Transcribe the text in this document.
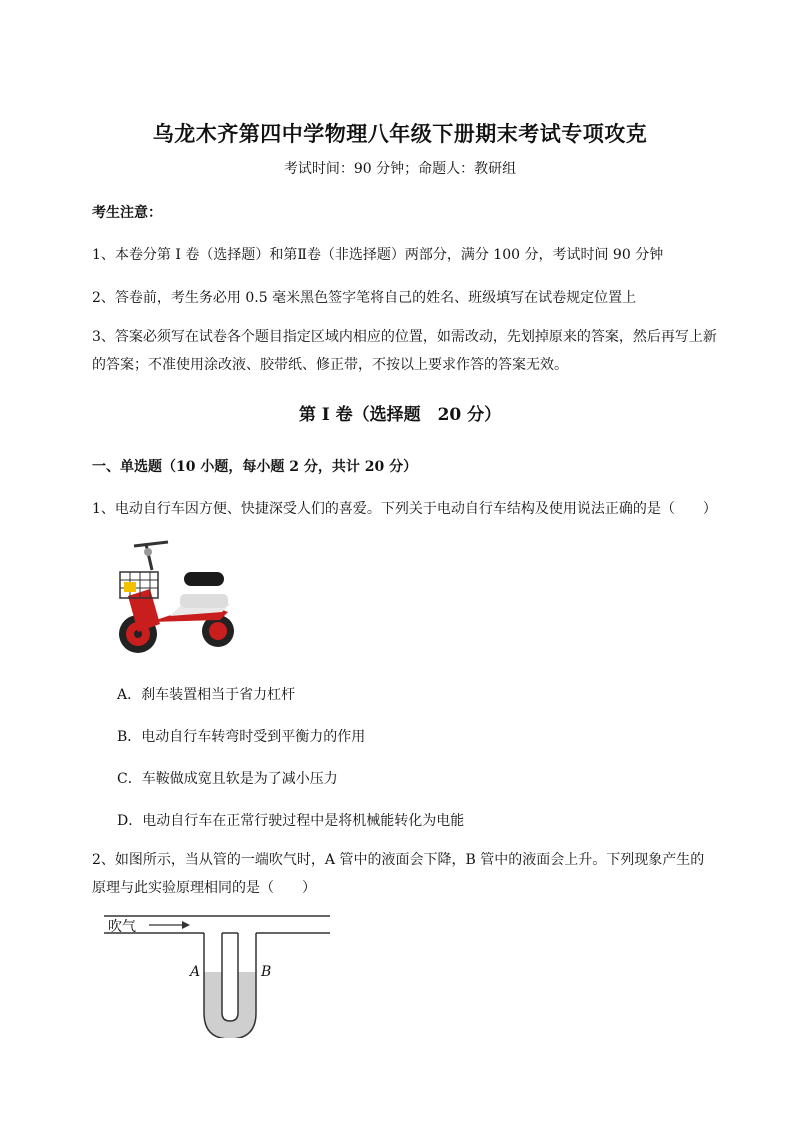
乌龙木齐第四中学物理八年级下册期末考试专项攻克
考试时间：90 分钟；命题人：教研组
考生注意：
1、本卷分第 I 卷（选择题）和第Ⅱ卷（非选择题）两部分，满分 100 分，考试时间 90 分钟
2、答卷前，考生务必用 0.5 毫米黑色签字笔将自己的姓名、班级填写在试卷规定位置上
3、答案必须写在试卷各个题目指定区域内相应的位置，如需改动，先划掉原来的答案，然后再写上新的答案；不准使用涂改液、胶带纸、修正带，不按以上要求作答的答案无效。
第 I 卷（选择题　20 分）
一、单选题（10 小题，每小题 2 分，共计 20 分）
1、电动自行车因方便、快捷深受人们的喜爱。下列关于电动自行车结构及使用说法正确的是（　　）
A．刹车装置相当于省力杠杆
B．电动自行车转弯时受到平衡力的作用
C．车鞍做成宽且软是为了减小压力
D．电动自行车在正常行驶过程中是将机械能转化为电能
2、如图所示，当从管的一端吹气时，A 管中的液面会下降，B 管中的液面会上升。下列现象产生的原理与此实验原理相同的是（　　）
吹气
A	B
